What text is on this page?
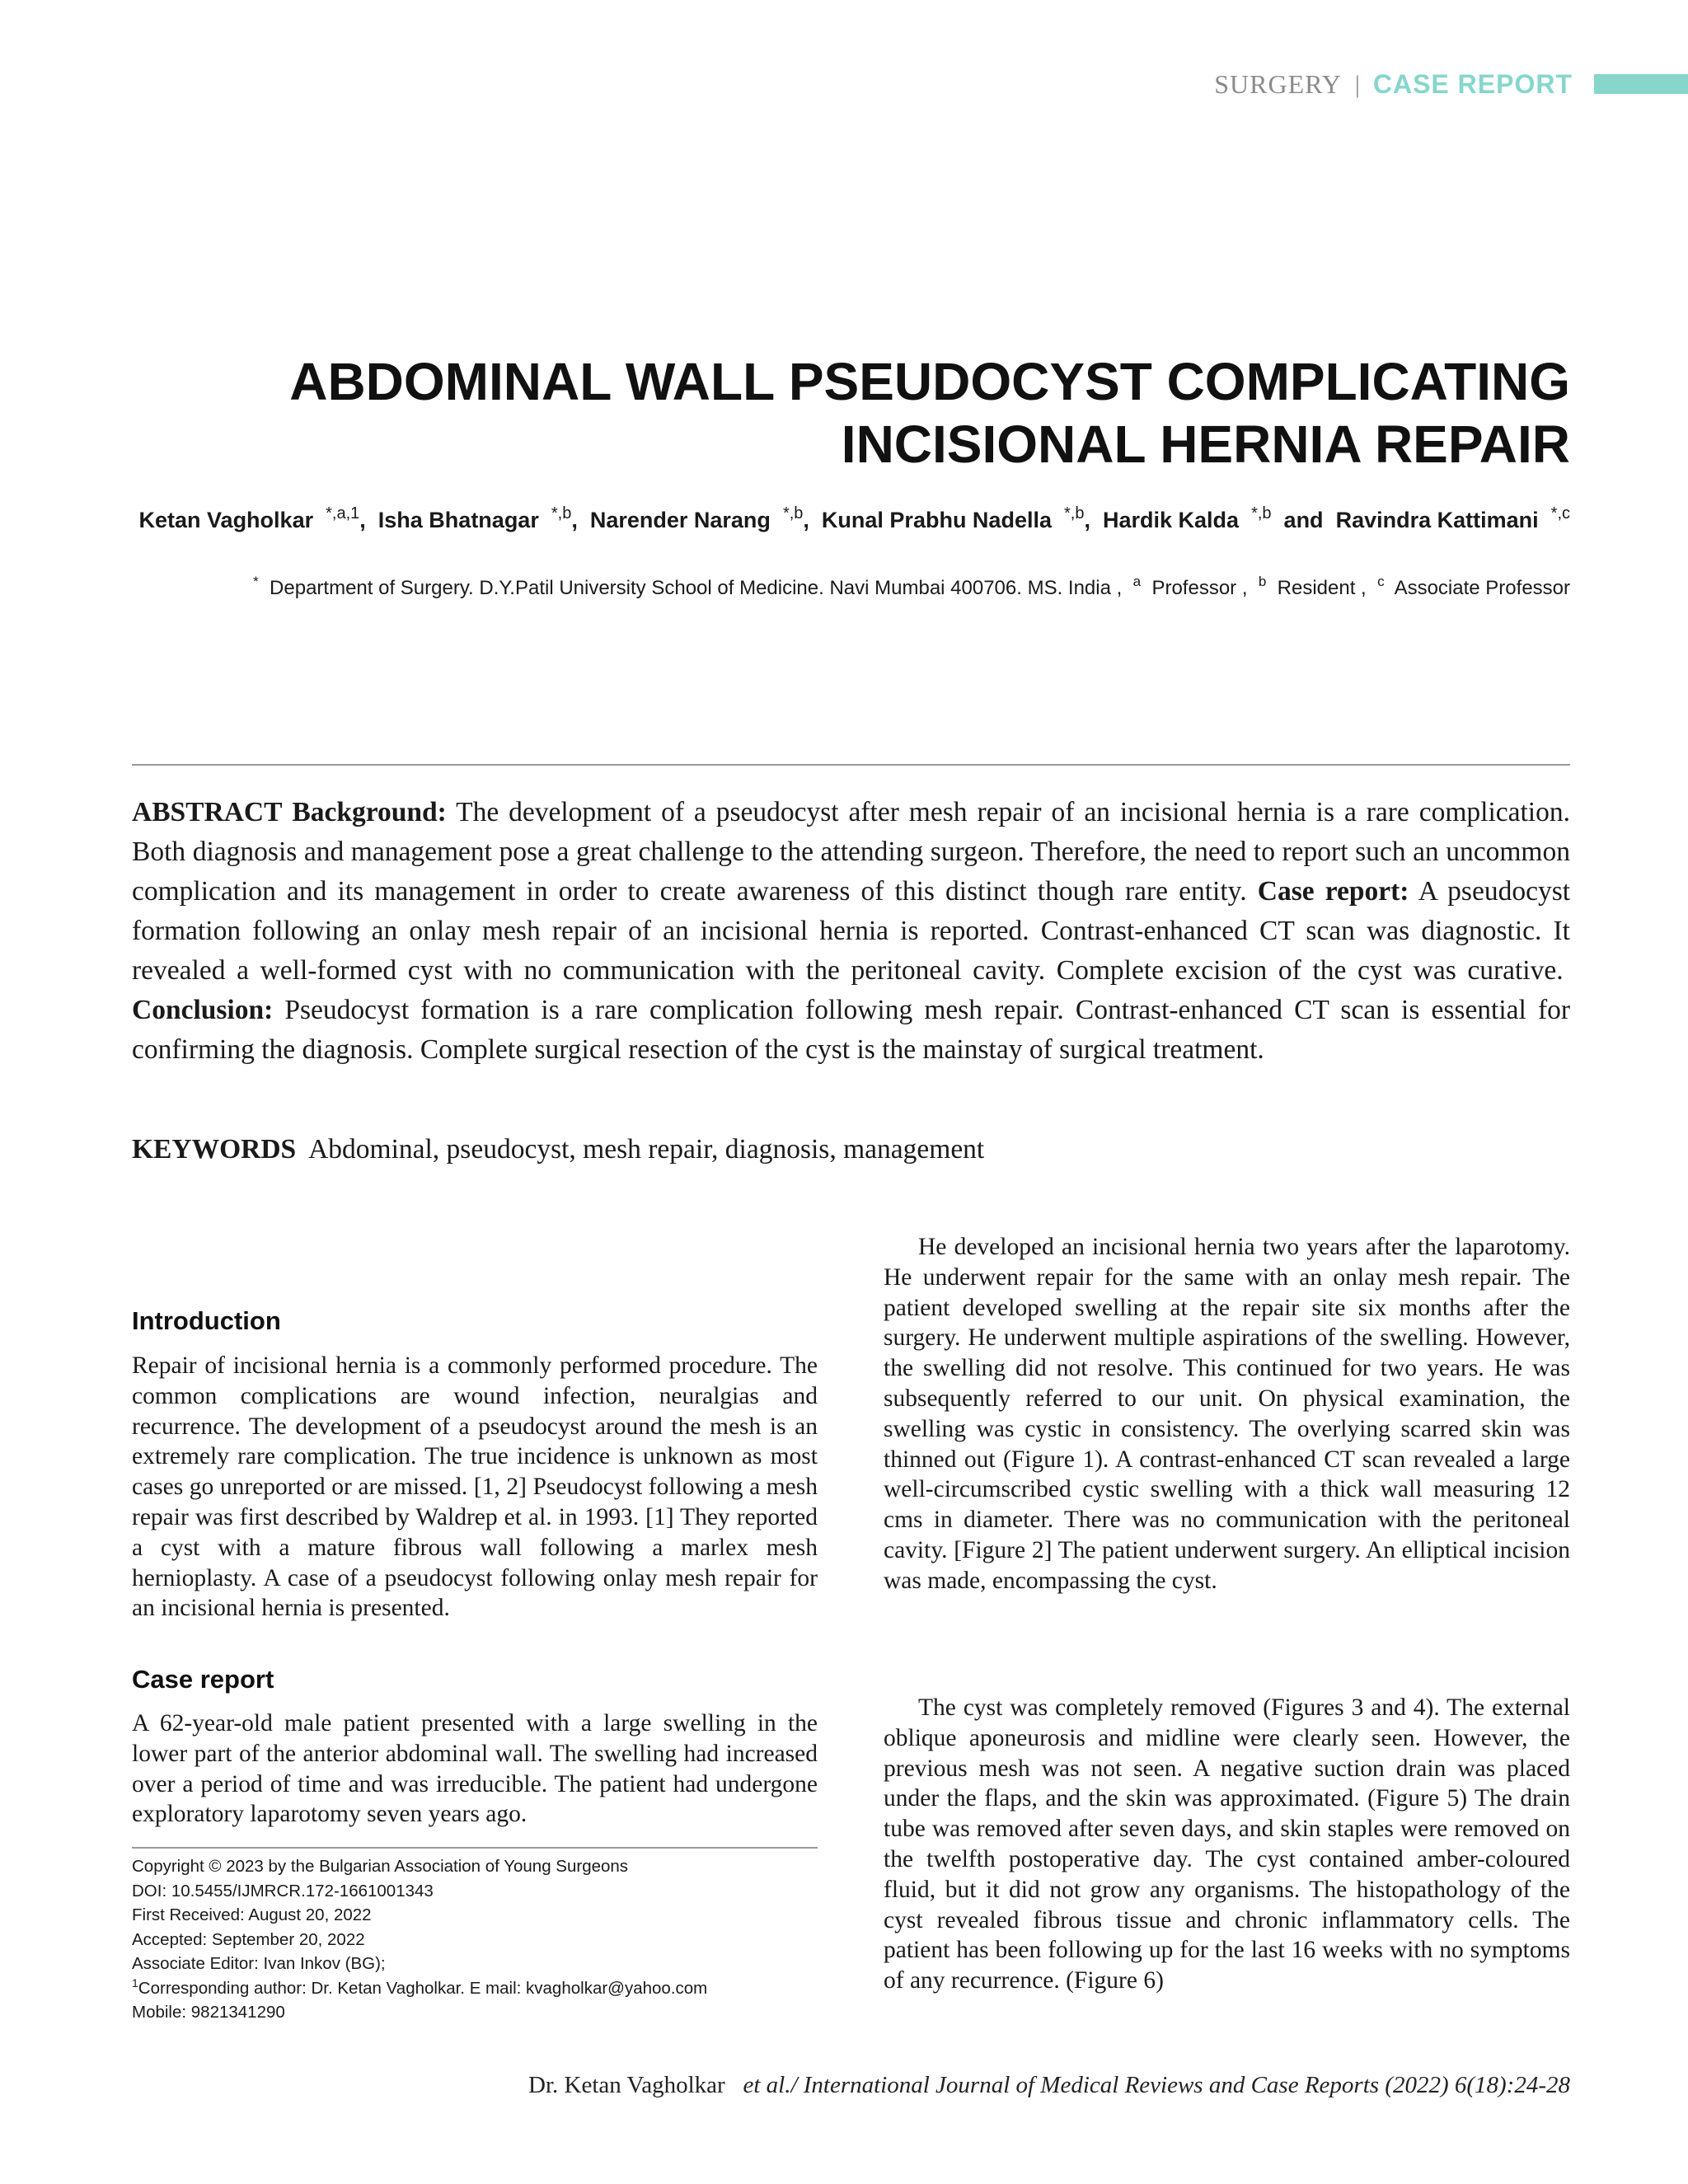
SURGERY | CASE REPORT
ABDOMINAL WALL PSEUDOCYST COMPLICATING
INCISIONAL HERNIA REPAIR
Ketan Vagholkar $^{*,a,1}$,  Isha Bhatnagar $^{*,b}$,  Narender Narang $^{*,b}$,  Kunal Prabhu Nadella $^{*,b}$,  Hardik Kalda $^{*,b}$ and Ravindra Kattimani $^{*,c}$
* Department of Surgery. D.Y.Patil University School of Medicine. Navi Mumbai 400706. MS. India , $^a$ Professor , $^b$ Resident , $^c$ Associate Professor
ABSTRACT Background: The development of a pseudocyst after mesh repair of an incisional hernia is a rare complication. Both diagnosis and management pose a great challenge to the attending surgeon. Therefore, the need to report such an uncommon complication and its management in order to create awareness of this distinct though rare entity. Case report: A pseudocyst formation following an onlay mesh repair of an incisional hernia is reported. Contrast-enhanced CT scan was diagnostic. It revealed a well-formed cyst with no communication with the peritoneal cavity. Complete excision of the cyst was curative.  Conclusion: Pseudocyst formation is a rare complication following mesh repair. Contrast-enhanced CT scan is essential for confirming the diagnosis. Complete surgical resection of the cyst is the mainstay of surgical treatment.
KEYWORDS Abdominal, pseudocyst, mesh repair, diagnosis, management
Introduction
Repair of incisional hernia is a commonly performed procedure. The common complications are wound infection, neuralgias and recurrence. The development of a pseudocyst around the mesh is an extremely rare complication. The true incidence is unknown as most cases go unreported or are missed. [1, 2] Pseudocyst following a mesh repair was first described by Waldrep et al. in 1993. [1] They reported a cyst with a mature fibrous wall following a marlex mesh hernioplasty. A case of a pseudocyst following onlay mesh repair for an incisional hernia is presented.
Case report
A 62-year-old male patient presented with a large swelling in the lower part of the anterior abdominal wall. The swelling had increased over a period of time and was irreducible. The patient had undergone exploratory laparotomy seven years ago.
Copyright © 2023 by the Bulgarian Association of Young Surgeons
DOI: 10.5455/IJMRCR.172-1661001343
First Received: August 20, 2022
Accepted: September 20, 2022
Associate Editor: Ivan Inkov (BG);
$^1$Corresponding author: Dr. Ketan Vagholkar. E mail: kvagholkar@yahoo.com
Mobile: 9821341290
He developed an incisional hernia two years after the laparotomy. He underwent repair for the same with an onlay mesh repair. The patient developed swelling at the repair site six months after the surgery. He underwent multiple aspirations of the swelling. However, the swelling did not resolve. This continued for two years. He was subsequently referred to our unit. On physical examination, the swelling was cystic in consistency. The overlying scarred skin was thinned out (Figure 1). A contrast-enhanced CT scan revealed a large well-circumscribed cystic swelling with a thick wall measuring 12 cms in diameter. There was no communication with the peritoneal cavity. [Figure 2] The patient underwent surgery. An elliptical incision was made, encompassing the cyst.
The cyst was completely removed (Figures 3 and 4). The external oblique aponeurosis and midline were clearly seen. However, the previous mesh was not seen. A negative suction drain was placed under the flaps, and the skin was approximated. (Figure 5) The drain tube was removed after seven days, and skin staples were removed on the twelfth postoperative day. The cyst contained amber-coloured fluid, but it did not grow any organisms. The histopathology of the cyst revealed fibrous tissue and chronic inflammatory cells. The patient has been following up for the last 16 weeks with no symptoms of any recurrence. (Figure 6)
Dr. Ketan Vagholkar et al./ International Journal of Medical Reviews and Case Reports (2022) 6(18):24-28
